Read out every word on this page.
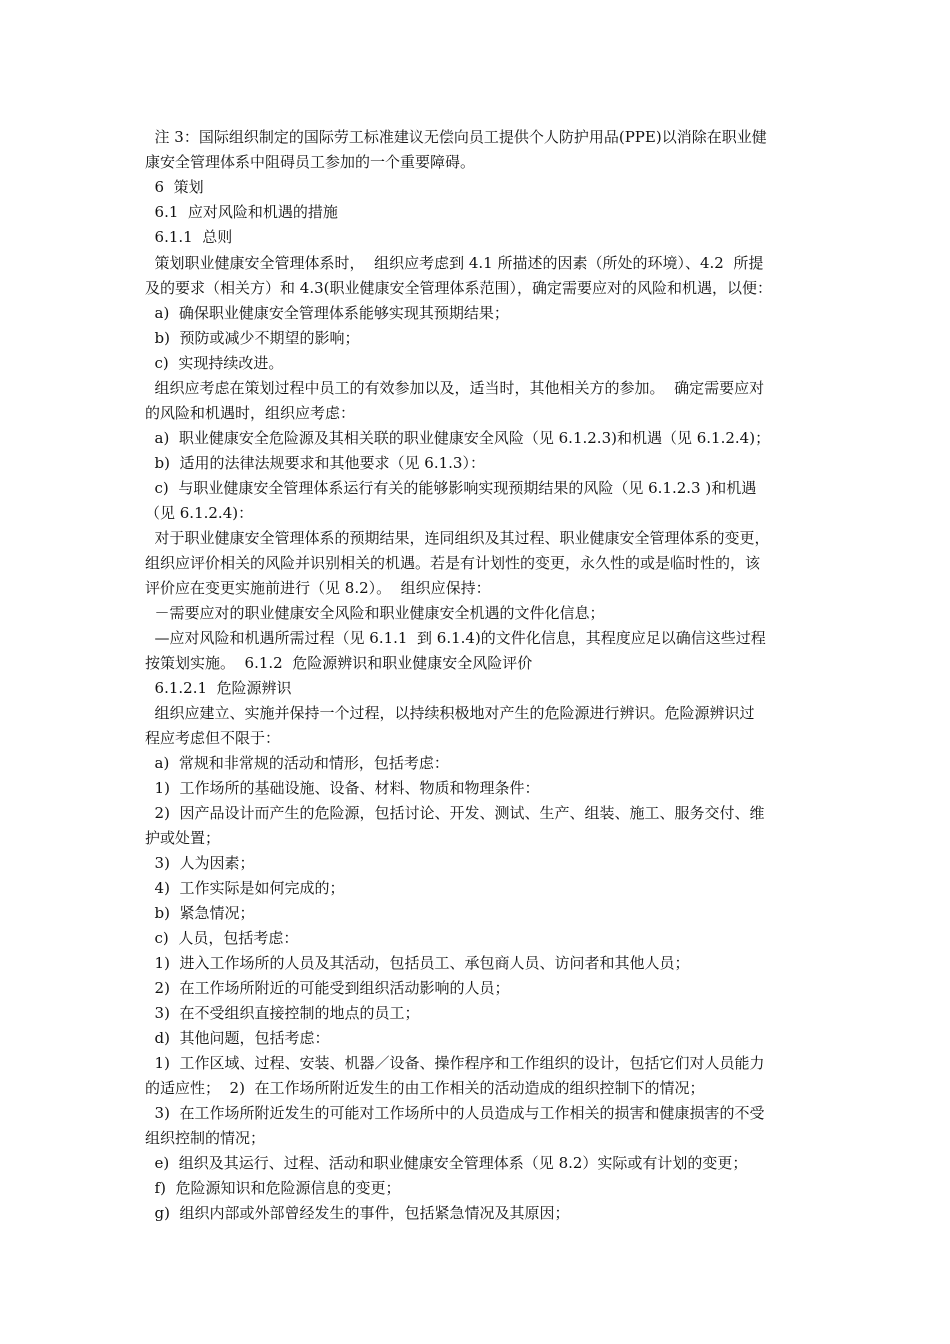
注 3：国际组织制定的国际劳工标准建议无偿向员工提供个人防护用品(PPE)以消除在职业健

康安全管理体系中阻碍员工参加的一个重要障碍。

6  策划

6.1  应对风险和机遇的措施

6.1.1  总则

策划职业健康安全管理体系时，  组织应考虑到 4.1 所描述的因素（所处的环境）、4.2  所提

及的要求（相关方）和 4.3(职业健康安全管理体系范围），确定需要应对的风险和机遇，以便：

a)  确保职业健康安全管理体系能够实现其预期结果；

b)  预防或减少不期望的影响；

c)  实现持续改进。

组织应考虑在策划过程中员工的有效参加以及，适当时，其他相关方的参加。  确定需要应对

的风险和机遇时，组织应考虑：

a)  职业健康安全危险源及其相关联的职业健康安全风险（见 6.1.2.3)和机遇（见 6.1.2.4)；

b)  适用的法律法规要求和其他要求（见 6.1.3）：

c)  与职业健康安全管理体系运行有关的能够影响实现预期结果的风险（见 6.1.2.3 )和机遇

（见 6.1.2.4)：

对于职业健康安全管理体系的预期结果，连同组织及其过程、职业健康安全管理体系的变更，

组织应评价相关的风险并识别相关的机遇。若是有计划性的变更，永久性的或是临时性的，该

评价应在变更实施前进行（见 8.2）。  组织应保持：

－需要应对的职业健康安全风险和职业健康安全机遇的文件化信息；

—应对风险和机遇所需过程（见 6.1.1  到 6.1.4)的文件化信息，其程度应足以确信这些过程

按策划实施。  6.1.2  危险源辨识和职业健康安全风险评价

6.1.2.1  危险源辨识

组织应建立、实施并保持一个过程，以持续积极地对产生的危险源进行辨识。危险源辨识过

程应考虑但不限于：

a)  常规和非常规的活动和情形，包括考虑：

1)  工作场所的基础设施、设备、材料、物质和物理条件：

2)  因产品设计而产生的危险源，包括讨论、开发、测试、生产、组装、施工、服务交付、维

护或处置；

3)  人为因素；

4)  工作实际是如何完成的；

b)  紧急情况；

c)  人员，包括考虑：

1)  进入工作场所的人员及其活动，包括员工、承包商人员、访问者和其他人员；

2)  在工作场所附近的可能受到组织活动影响的人员；

3)  在不受组织直接控制的地点的员工；

d)  其他问题，包括考虑：

1)  工作区域、过程、安装、机器／设备、操作程序和工作组织的设计，包括它们对人员能力

的适应性；  2)  在工作场所附近发生的由工作相关的活动造成的组织控制下的情况；

3)  在工作场所附近发生的可能对工作场所中的人员造成与工作相关的损害和健康损害的不受

组织控制的情况；

e)  组织及其运行、过程、活动和职业健康安全管理体系（见 8.2）实际或有计划的变更；

f)  危险源知识和危险源信息的变更；

g)  组织内部或外部曾经发生的事件，包括紧急情况及其原因；
